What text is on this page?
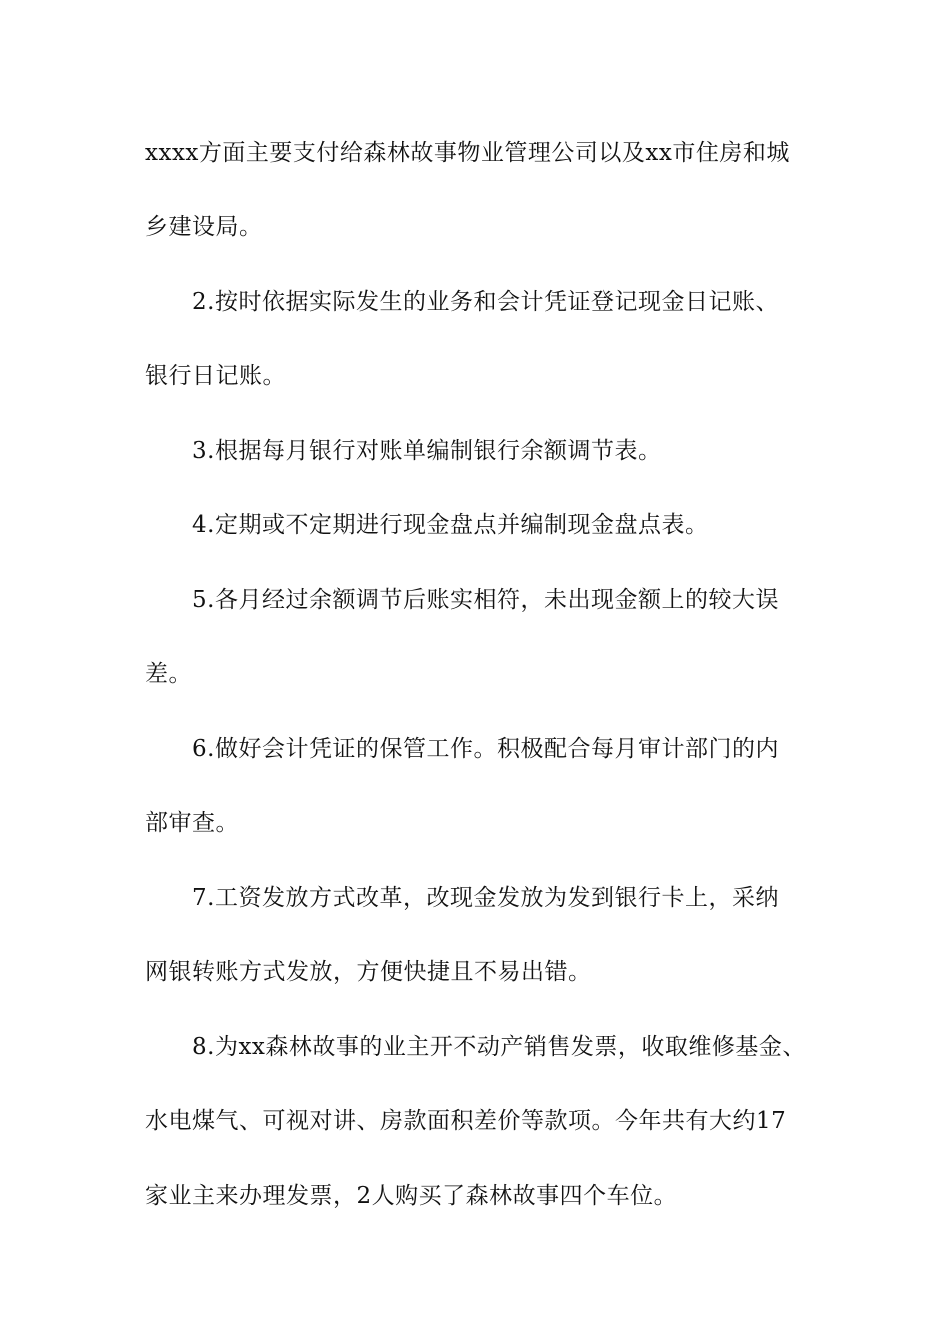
xxxx方面主要支付给森林故事物业管理公司以及xx市住房和城
乡建设局。
2.按时依据实际发生的业务和会计凭证登记现金日记账、
银行日记账。
3.根据每月银行对账单编制银行余额调节表。
4.定期或不定期进行现金盘点并编制现金盘点表。
5.各月经过余额调节后账实相符，未出现金额上的较大误
差。
6.做好会计凭证的保管工作。积极配合每月审计部门的内
部审查。
7.工资发放方式改革，改现金发放为发到银行卡上，采纳
网银转账方式发放，方便快捷且不易出错。
8.为xx森林故事的业主开不动产销售发票，收取维修基金、
水电煤气、可视对讲、房款面积差价等款项。今年共有大约17
家业主来办理发票，2人购买了森林故事四个车位。
